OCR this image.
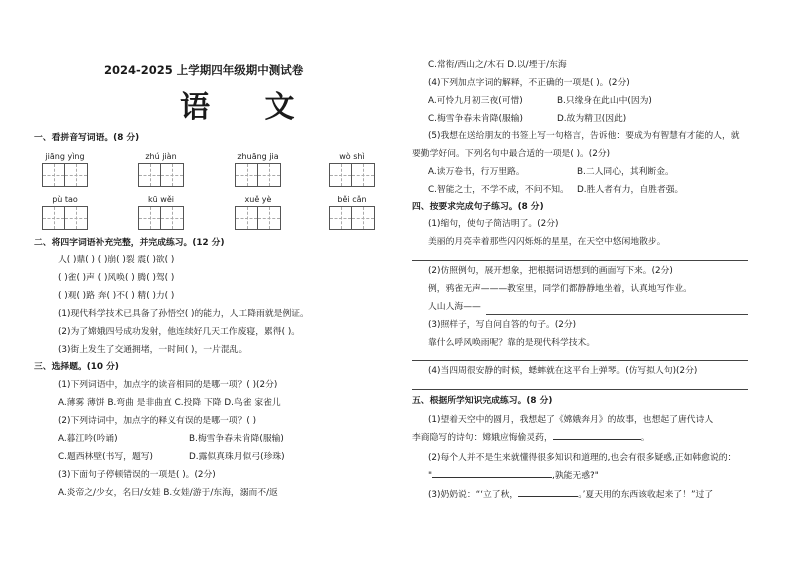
2024-2025 上学期四年级期中测试卷
语 文
一、看拼音写词语。(8 分)
jiāng yìng	zhú jiàn	zhuāng jia	wò shì
pù tao	kū wěi	xuě yè	běi cǎn
二、将四字词语补充完整，并完成练习。(12 分)
人( )鼎( ) ( )崩( )裂 震( )欲( )
( )雀( )声 ( )风唤( ) 腾( )驾( )
( )观( )路 奔( )不( ) 精( )力( )
(1)现代科学技术已具备了孙悟空( )的能力，人工降雨就是例证。
(2)为了嫦娥四号成功发射，他连续好几天工作废寝，累得( )。
(3)街上发生了交通拥堵，一时间( )，一片混乱。
三、选择题。(10 分)
(1)下列词语中，加点字的读音相同的是哪一项？( )(2分)
A.薄雾 薄饼 B.弯曲 是非曲直 C.投降 下降 D.鸟雀 家雀儿
(2)下列诗词中，加点字的释义有误的是哪一项？( )
A.暮江吟(吟诵)	B.梅雪争春未肯降(服输)
C.题西林壁(书写，题写)	D.露似真珠月似弓(珍珠)
(3)下面句子停顿错误的一项是( )。(2分)
A.炎帝之/少女，名曰/女娃 B.女娃/游于/东海，溺而不/返
C.常衔/西山之/木石 D.以/堙于/东海
(4)下列加点字词的解释，不正确的一项是( )。(2分)
A.可怜九月初三夜(可惜)	B.只缘身在此山中(因为)
C.梅雪争春未肯降(服输)	D.故为精卫(因此)
(5)我想在送给朋友的书签上写一句格言，告诉他：要成为有智慧有才能的人，就
要勤学好问。下列名句中最合适的一项是( )。(2分)
A.读万卷书，行万里路。	B.二人同心，其利断金。
C.智能之士，不学不成，不问不知。 D.胜人者有力，自胜者强。
四、按要求完成句子练习。(8 分)
(1)缩句，使句子简洁明了。(2分)
美丽的月亮幸着那些闪闪烁烁的星星，在天空中悠闲地散步。
(2)仿照例句，展开想象，把根据词语想到的画面写下来。(2分)
例，鸦雀无声———教室里，同学们都静静地坐着，认真地写作业。
人山人海——
(3)照样子，写自问自答的句子。(2分)
靠什么呼风唤雨呢？靠的是现代科学技术。
(4)当四周很安静的时候，蟋蟀就在这平台上弹琴。(仿写拟人句)(2分)
五、根据所学知识完成练习。(8 分)
(1)望着天空中的圆月，我想起了《嫦娥奔月》的故事，也想起了唐代诗人
李商隐写的诗句：嫦娥应悔偷灵药，	。
(2)每个人并不是生来就懂得很多知识和道理的,也会有很多疑惑,正如韩愈说的：
"	,孰能无惑?"
(3)奶奶说：“‘立了秋，	。’夏天用的东西该收起来了！”过了
